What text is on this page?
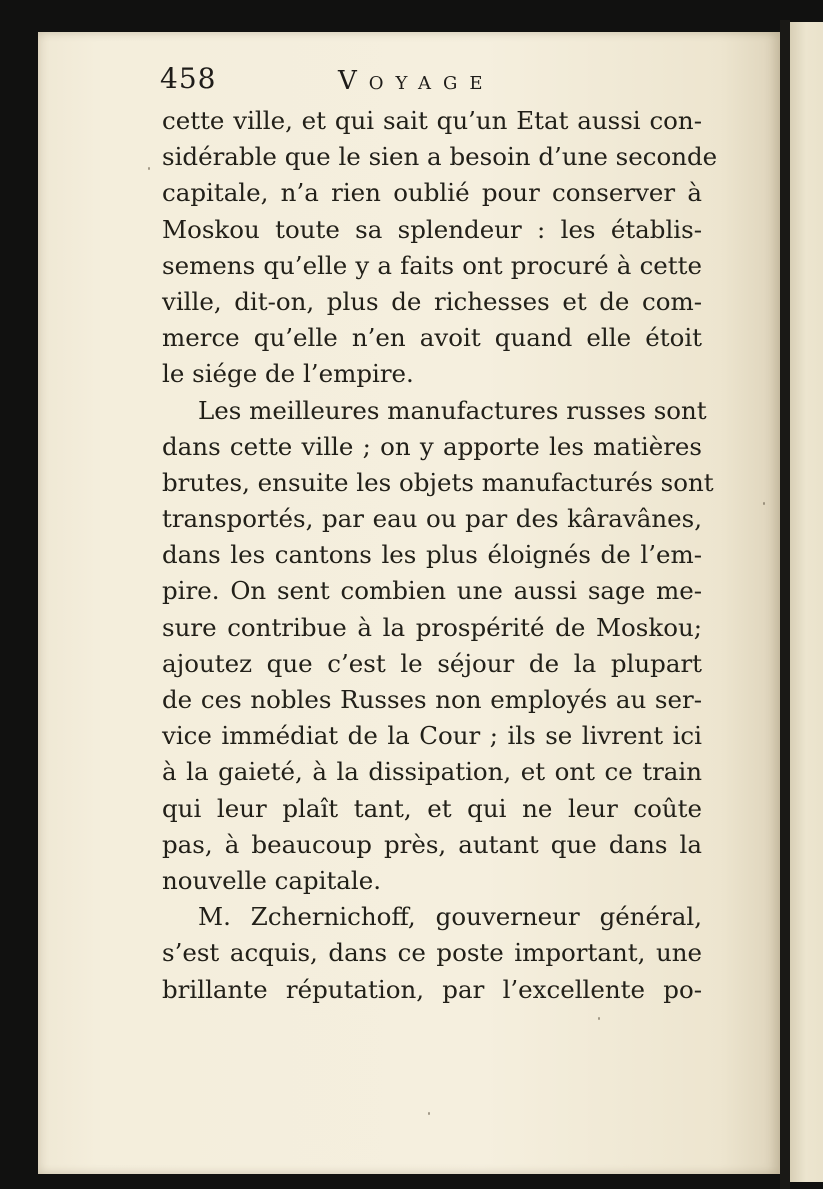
458	Voyage
cette ville, et qui sait qu’un Etat aussi con-
sidérable que le sien a besoin d’une seconde
capitale, n’a rien oublié pour conserver à
Moskou toute sa splendeur : les établis-
semens qu’elle y a faits ont procuré à cette
ville, dit-on, plus de richesses et de com-
merce qu’elle n’en avoit quand elle étoit
le siége de l’empire.
Les meilleures manufactures russes sont
dans cette ville ; on y apporte les matières
brutes, ensuite les objets manufacturés sont
transportés, par eau ou par des kâravânes,
dans les cantons les plus éloignés de l’em-
pire. On sent combien une aussi sage me-
sure contribue à la prospérité de Moskou;
ajoutez que c’est le séjour de la plupart
de ces nobles Russes non employés au ser-
vice immédiat de la Cour ; ils se livrent ici
à la gaieté, à la dissipation, et ont ce train
qui leur plaît tant, et qui ne leur coûte
pas, à beaucoup près, autant que dans la
nouvelle capitale.
M. Zchernichoff, gouverneur général,
s’est acquis, dans ce poste important, une
brillante réputation, par l’excellente po-
